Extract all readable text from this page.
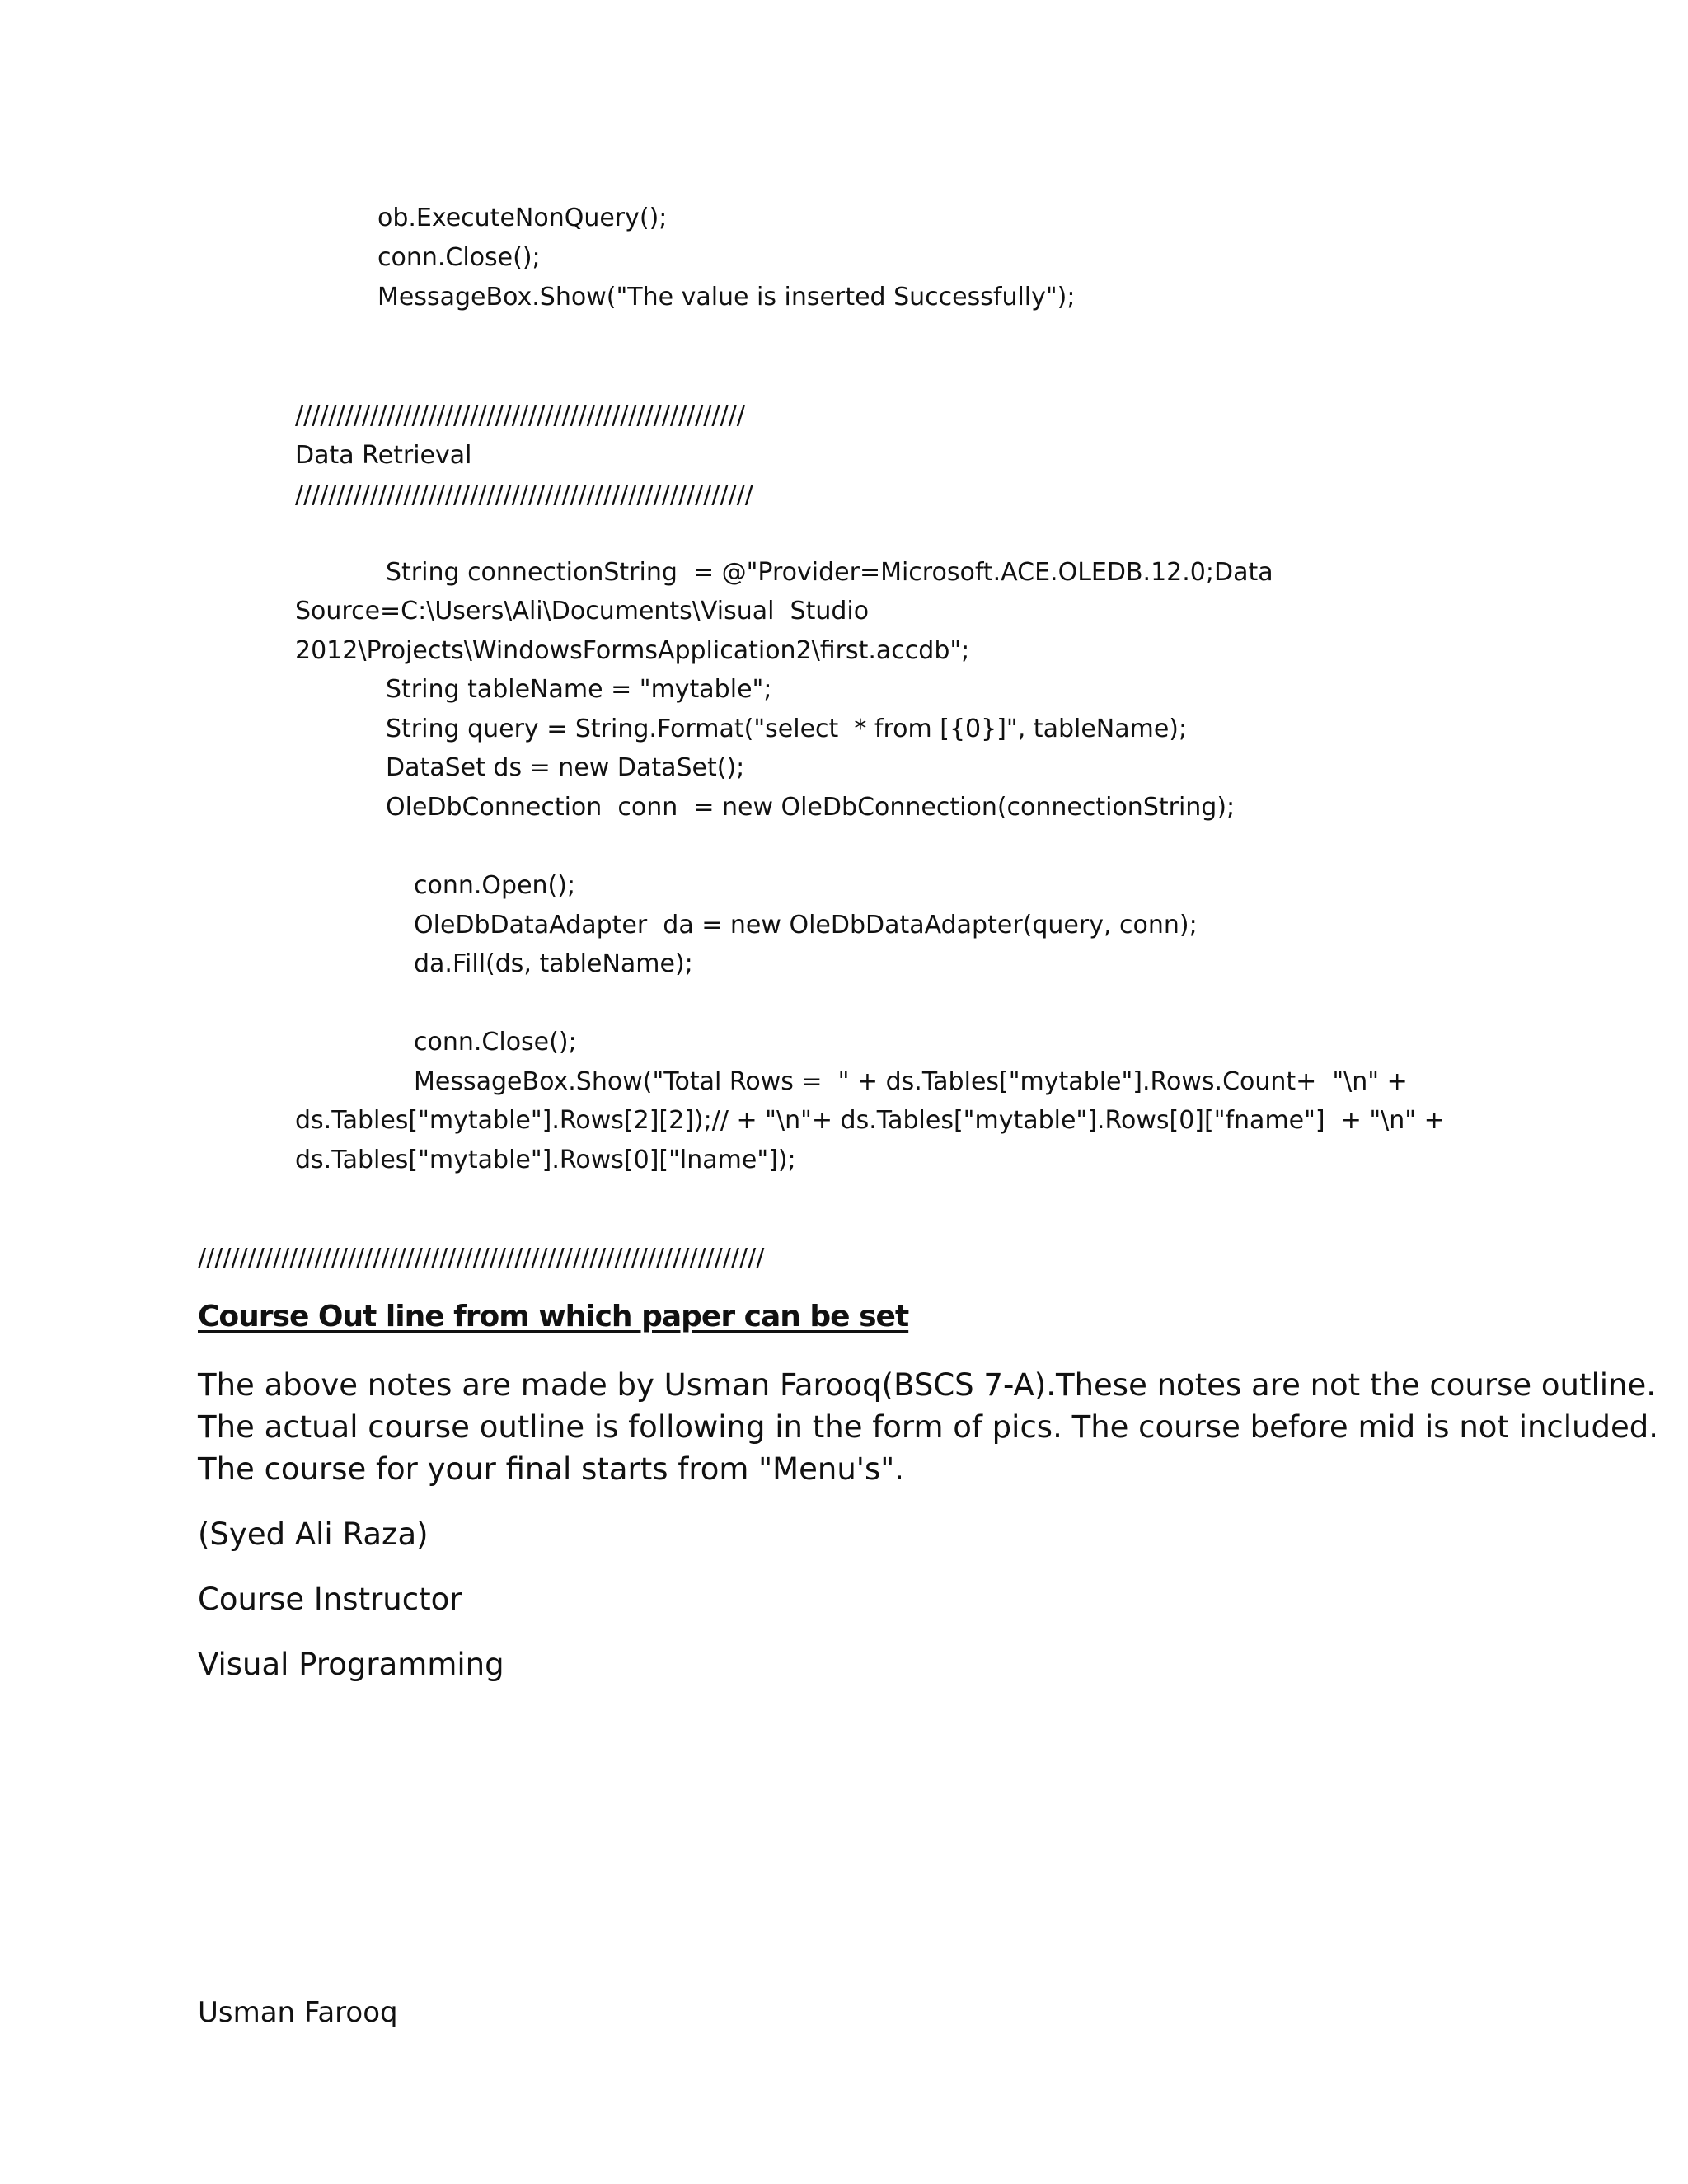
ob.ExecuteNonQuery();
conn.Close();
MessageBox.Show("The value is inserted Successfully");
//////////////////////////////////////////////////////
Data Retrieval
///////////////////////////////////////////////////////
String connectionString  = @"Provider=Microsoft.ACE.OLEDB.12.0;Data
Source=C:\Users\Ali\Documents\Visual  Studio
2012\Projects\WindowsFormsApplication2\first.accdb";
String tableName = "mytable";
String query = String.Format("select  * from [{0}]", tableName);
DataSet ds = new DataSet();
OleDbConnection  conn  = new OleDbConnection(connectionString);
conn.Open();
OleDbDataAdapter  da = new OleDbDataAdapter(query, conn);
da.Fill(ds, tableName);
conn.Close();
MessageBox.Show("Total Rows =  " + ds.Tables["mytable"].Rows.Count+  "\n" +
ds.Tables["mytable"].Rows[2][2]);// + "\n"+ ds.Tables["mytable"].Rows[0]["fname"]  + "\n" +
ds.Tables["mytable"].Rows[0]["lname"]);
////////////////////////////////////////////////////////////////////
Course Out line from which paper can be set
The above notes are made by Usman Farooq(BSCS 7-A).These notes are not the course outline.
The actual course outline is following in the form of pics. The course before mid is not included.
The course for your final starts from "Menu's".
(Syed Ali Raza)
Course Instructor
Visual Programming
Usman Farooq
